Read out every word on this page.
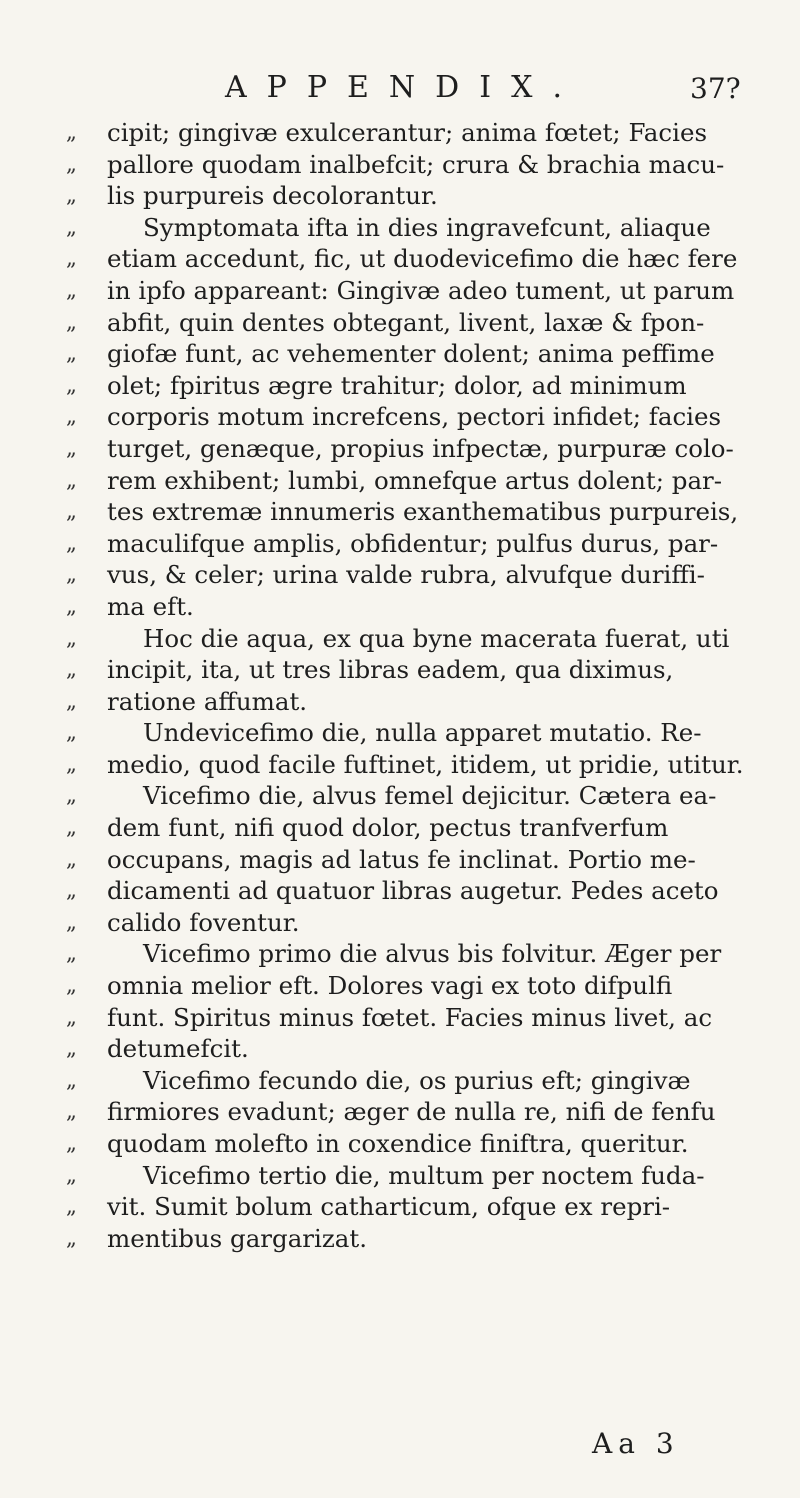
APPENDIX.	37?
„	cipit; gingivæ exulcerantur; anima fœtet; Facies
„	pallore quodam inalbefcit; crura & brachia macu-
„	lis purpureis decolorantur.
„	Symptomata ifta in dies ingravefcunt, aliaque
„	etiam accedunt, fic, ut duodevicefimo die hæc fere
„	in ipfo appareant: Gingivæ adeo tument, ut parum
„	abfit, quin dentes obtegant, livent, laxæ & fpon-
„	giofæ funt, ac vehementer dolent; anima peffime
„	olet; fpiritus ægre trahitur; dolor, ad minimum
„	corporis motum increfcens, pectori infidet; facies
„	turget, genæque, propius infpectæ, purpuræ colo-
„	rem exhibent; lumbi, omnefque artus dolent; par-
„	tes extremæ innumeris exanthematibus purpureis,
„	maculifque amplis, obfidentur; pulfus durus, par-
„	vus, & celer; urina valde rubra, alvufque duriffi-
„	ma eft.
„	Hoc die aqua, ex qua byne macerata fuerat, uti
„	incipit, ita, ut tres libras eadem, qua diximus,
„	ratione affumat.
„	Undevicefimo die, nulla apparet mutatio. Re-
„	medio, quod facile fuftinet, itidem, ut pridie, utitur.
„	Vicefimo die, alvus femel dejicitur. Cætera ea-
„	dem funt, nifi quod dolor, pectus tranfverfum
„	occupans, magis ad latus fe inclinat. Portio me-
„	dicamenti ad quatuor libras augetur. Pedes aceto
„	calido foventur.
„	Vicefimo primo die alvus bis folvitur. Æger per
„	omnia melior eft. Dolores vagi ex toto difpulfi
„	funt. Spiritus minus fœtet. Facies minus livet, ac
„	detumefcit.
„	Vicefimo fecundo die, os purius eft; gingivæ
„	firmiores evadunt; æger de nulla re, nifi de fenfu
„	quodam molefto in coxendice finiftra, queritur.
„	Vicefimo tertio die, multum per noctem fuda-
„	vit. Sumit bolum catharticum, ofque ex repri-
„	mentibus gargarizat.
Aa 3
